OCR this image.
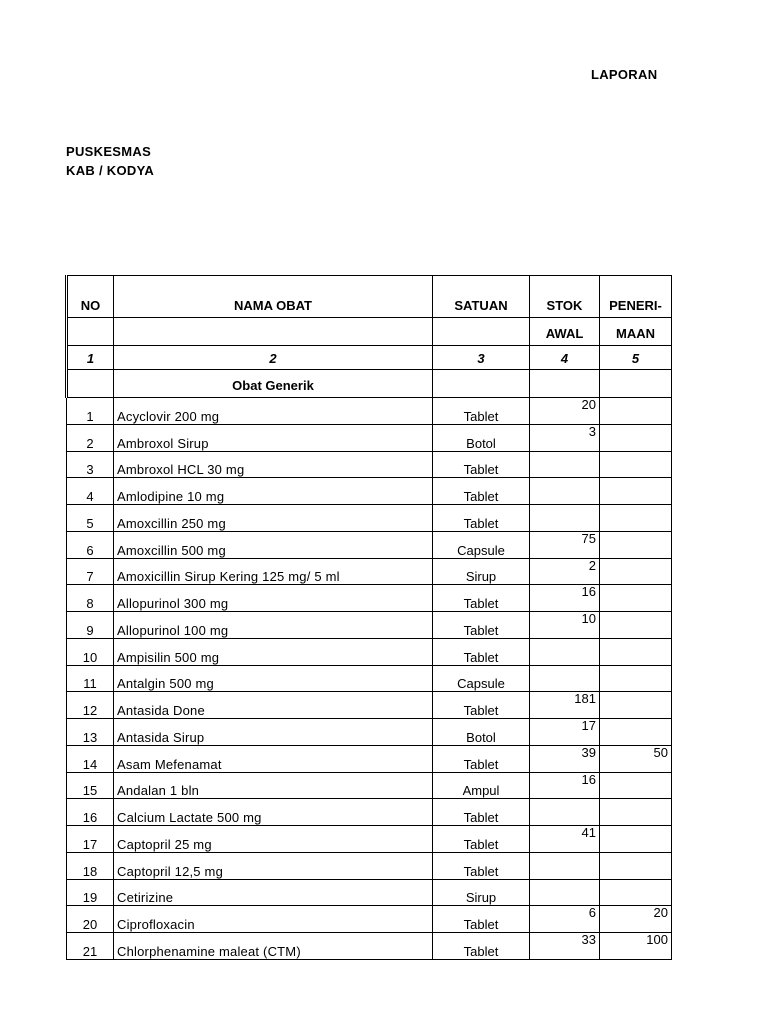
LAPORAN
PUSKESMAS
KAB / KODYA
NO	NAMA OBAT	SATUAN	STOK	PENERI-
			AWAL	MAAN
1	2	3	4	5
	Obat Generik			
1	Acyclovir 200 mg	Tablet	20	
2	Ambroxol Sirup	Botol	3	
3	Ambroxol HCL 30 mg	Tablet		
4	Amlodipine 10 mg	Tablet		
5	Amoxcillin 250 mg	Tablet		
6	Amoxcillin 500 mg	Capsule	75	
7	Amoxicillin Sirup Kering 125 mg/ 5 ml	Sirup	2	
8	Allopurinol 300 mg	Tablet	16	
9	Allopurinol 100 mg	Tablet	10	
10	Ampisilin 500 mg	Tablet		
11	Antalgin 500 mg	Capsule		
12	Antasida Done	Tablet	181	
13	Antasida Sirup	Botol	17	
14	Asam Mefenamat	Tablet	39	50
15	Andalan 1 bln	Ampul	16	
16	Calcium Lactate 500 mg	Tablet		
17	Captopril 25 mg	Tablet	41	
18	Captopril 12,5 mg	Tablet		
19	Cetirizine	Sirup		
20	Ciprofloxacin	Tablet	6	20
21	Chlorphenamine maleat (CTM)	Tablet	33	100
